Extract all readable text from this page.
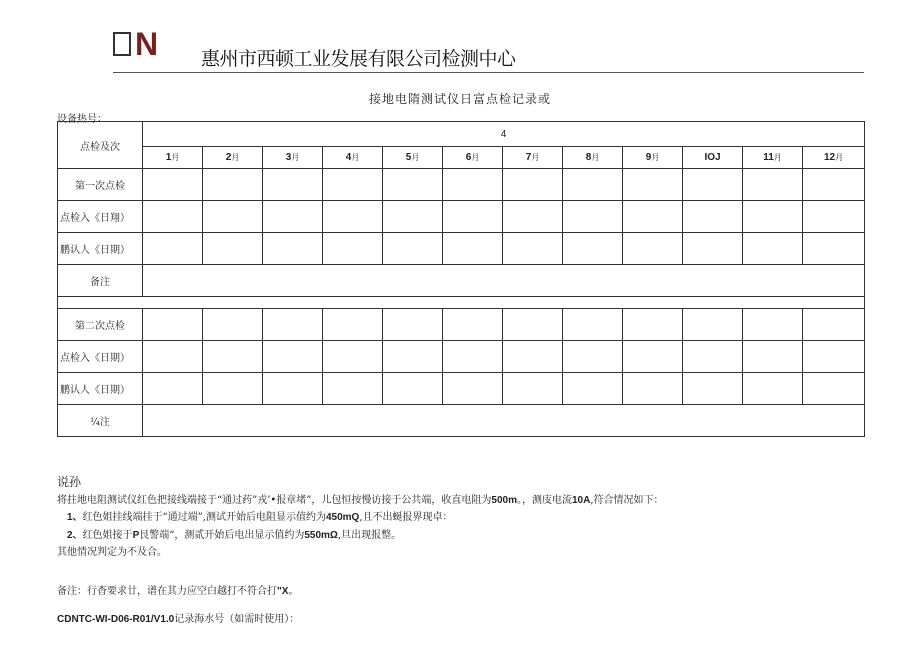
N 惠州市西顿工业发展有限公司检测中心
接地电隋测试仪日富点检记录或
设备热号：
点检及次	4											
	1月	2月	3月	4月	5月	6月	7月	8月	9月	IOJ	11月	12月
第一次点检												
点检入《日翔）												
鹏认人《日期）												
备注												

第二次点检												
点检入《日期）												
鹏认人《日期）												
¼注												
说孙
将拄地电阻测试仪红色把接线端接于“通过药”戎’•报章堵”，儿包恒按慢访接于公共端，收直电阻为500m。，测庋电流10A,符合情况如下：
1、红色姐挂线端挂于“通过端”,测试开始后电阻显示值约为450mQ,且不出蜒报界现卓：
2、红色姐接于P艮警端“，测贰开始后电出显示值约为550mΩ,旦出现报整。
其他情况判定为不及合。
备注：行杳要求廿，谱在其力应空白越打不符合打"X。
CDNTC-WI-D06-R01/V1.0记录海水号（如需时使用）：
